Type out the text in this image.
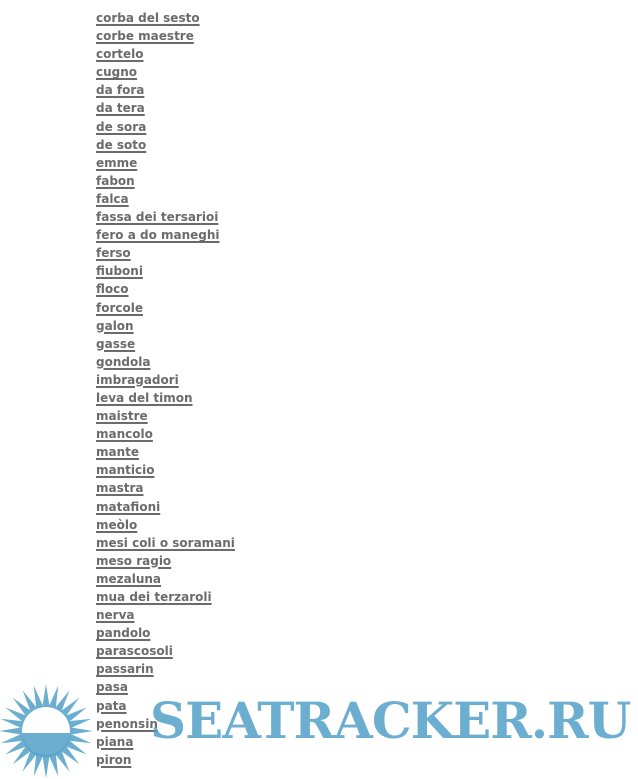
corba del sesto
corbe maestre
cortelo
cugno
da fora
da tera
de sora
de soto
emme
fabon
falca
fassa dei tersarioi
fero a do maneghi
ferso
fiuboni
floco
forcole
galon
gasse
gondola
imbragadori
leva del timon
maistre
mancolo
mante
manticio
mastra
matafioni
meòlo
mesi coli o soramani
meso ragio
mezaluna
mua dei terzaroli
nerva
pandolo
parascosoli
passarin
pasa
pata
penonsin
piana
piron
SEATRACKER.RU
